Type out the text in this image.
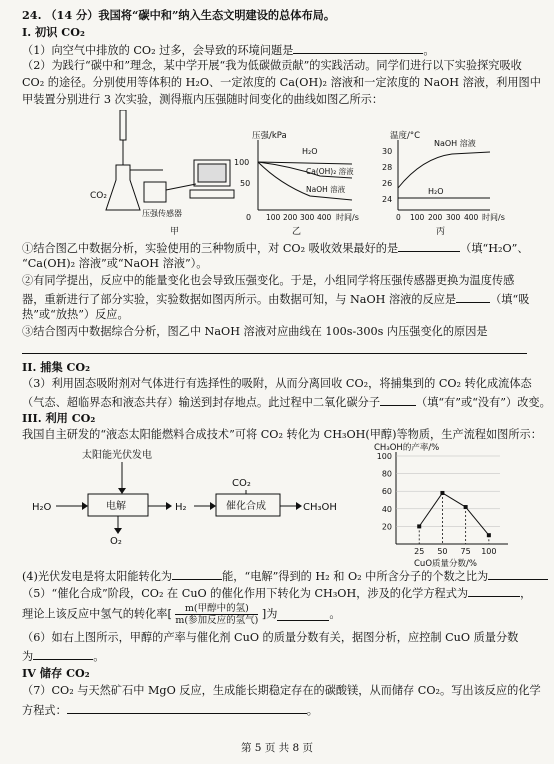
24. （14 分）我国将“碳中和”纳入生态文明建设的总体布局。
I. 初识 CO₂
（1）向空气中排放的 CO₂ 过多，会导致的环境问题是	。
（2）为践行“碳中和”理念，某中学开展“我为低碳做贡献”的实践活动。同学们进行以下实验探究吸收
CO₂ 的途径。分别使用等体积的 H₂O、一定浓度的 Ca(OH)₂ 溶液和一定浓度的 NaOH 溶液，利用图中
甲装置分别进行 3 次实验，测得瓶内压强随时间变化的曲线如图乙所示：
CO₂
压强传感器
甲
压强/kPa
100
50
0 100 200 300 400 时间/s
H₂O
Ca(OH)₂ 溶液
NaOH 溶液
乙
温度/°C
30
28
26
24
0 100 200 300 400 时间/s
NaOH 溶液
H₂O
丙
①结合图乙中数据分析，实验使用的三种物质中，对 CO₂ 吸收效果最好的是	（填“H₂O”、
“Ca(OH)₂ 溶液”或“NaOH 溶液”）。
②有同学提出，反应中的能量变化也会导致压强变化。于是，小组同学将压强传感器更换为温度传感
器，重新进行了部分实验，实验数据如图丙所示。由数据可知，与 NaOH 溶液的反应是	（填“吸
热”或“放热”）反应。
③结合图丙中数据综合分析，图乙中 NaOH 溶液对应曲线在 100s-300s 内压强变化的原因是
II. 捕集 CO₂
（3）利用固态吸附剂对气体进行有选择性的吸附，从而分离回收 CO₂，将捕集到的 CO₂ 转化成流体态
（气态、超临界态和液态共存）输送到封存地点。此过程中二氧化碳分子	（填“有”或“没有”）改变。
III. 利用 CO₂
我国自主研发的“液态太阳能燃料合成技术”可将 CO₂ 转化为 CH₃OH(甲醇)等物质，生产流程如图所示：
太阳能光伏发电
H₂O	电解	H₂
CO₂
催化合成	CH₃OH
O₂
CH₃OH的产率/%
CuO质量分数/%
100
80
60
40
20
25 50 75 100
(4)光伏发电是将太阳能转化为	能，“电解”得到的 H₂ 和 O₂ 中所含分子的个数之比为
（5）“催化合成”阶段，CO₂ 在 CuO 的催化作用下转化为 CH₃OH，涉及的化学方程式为	，
理论上该反应中氢气的转化率[	m(甲醇中的氢)
m(参加反应的氢气) ]为	。
（6）如右上图所示，甲醇的产率与催化剂 CuO 的质量分数有关，据图分析，应控制 CuO 质量分数
为	。
IV 储存 CO₂
（7）CO₂ 与天然矿石中 MgO 反应，生成能长期稳定存在的碳酸镁，从而储存 CO₂。写出该反应的化学
方程式：	。
第 5 页 共 8 页
